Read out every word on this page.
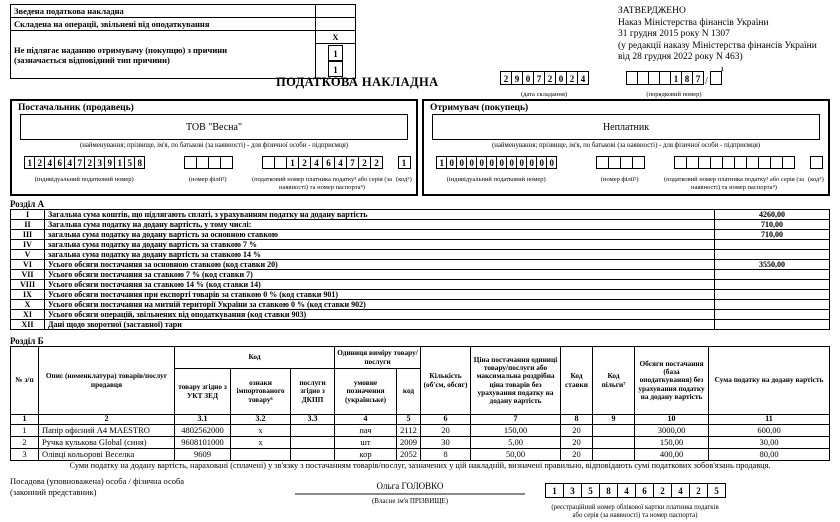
Зведена податкова накладна	
Складена на операції, звільнені від оподаткування	

Не підлягає наданню отримувачу (покупцю) з причини
(зазначається відповідний тип причини)	X
	11
ЗАТВЕРДЖЕНО
Наказ Міністерства фінансів України
31 грудня 2015 року N 1307
(у редакції наказу Міністерства фінансів України
від 28 грудня 2022 року N 463)
ПОДАТКОВА НАКЛАДНА	2 9 0 7 2 0 2 4
(дата складання)
1 8 7 /$^1$
(порядковий номер)
Постачальник (продавець)
ТОВ "Весна"
(найменування; прізвище, ім'я, по батькові (за наявності) - для фізичної особи - підприємця)
1 2 4 6 4 7 2 3 9 1 5 8
(індивідуальний податковий номер)	(номер філії²)
1 2 4 6 4 7 2 2
(податковий номер платника податку³ або серія (за наявності) та номер паспорта⁴)
1
(код⁵)
Отримувач (покупець)
Неплатник
(найменування; прізвище, ім'я, по батькові (за наявності) - для фізичної особи - підприємця)
1 0 0 0 0 0 0 0 0 0 0 0
(індивідуальний податковий номер)	(номер філії²)	(податковий номер платника податку³ або серія (за наявності) та номер паспорта⁴)
(код⁵)
Розділ А
I	Загальна сума коштів, що підлягають сплаті, з урахуванням податку на додану вартість	4260,00
II	Загальна сума податку на додану вартість, у тому числі:	710,00
III	загальна сума податку на додану вартість за основною ставкою	710,00
IV	загальна сума податку на додану вартість за ставкою 7 %	
V	загальна сума податку на додану вартість за ставкою 14 %	
VI	Усього обсяги постачання за основною ставкою (код ставки 20)	3550,00
VII	Усього обсяги постачання за ставкою 7 % (код ставки 7)	
VIII	Усього обсяги постачання за ставкою 14 % (код ставки 14)	
IX	Усього обсяги постачання при експорті товарів за ставкою 0 % (код ставки 901)	
X	Усього обсяги постачання на митній території України за ставкою 0 % (код ставки 902)	
XI	Усього обсяги операцій, звільнених від оподаткування (код ставки 903)	
XII	Дані щодо зворотної (заставної) тари	
Розділ Б
№ з/п	Опис (номенклатура) товарів/послуг продавця	Код			Одиниця виміру товару/послуги		Кількість (об'єм, обсяг)	Ціна постачання одиниці товару/послуги або максимальна роздрібна ціна товарів без урахування податку на додану вартість	Код ставки	Код пільги⁷	Обсяги постачання (база оподаткування) без урахування податку на додану вартість	Сума податку на додану вартість
		товару згідно з УКТ ЗЕД	ознаки імпортованого товару⁶	послуги згідно з ДКПП	умовне позначення (українське)	код						
1	2	3.1	3.2	3.3	4	5	6	7	8	9	10	11
1	Папір офісний А4 MAESTRO	4802562000	х		пач	2112	20	150,00	20		3000,00	600,00
2	Ручка кулькова Global (синя)	9608101000	х		шт	2009	30	5,00	20		150,00	30,00
3	Олівці кольорові Веселка	9609			кор	2052	8	50,00	20		400,00	80,00
Суми податку на додану вартість, нараховані (сплачені) у зв'язку з постачанням товарів/послуг, зазначених у цій накладній, визначені правильно, відповідають сумі податкових зобов'язань продавця.
Посадова (уповноважена) особа / фізична особа
(законний представник)
Ольга ГОЛОВКО
(Власне ім'я ПРІЗВИЩЕ)
1 3 5 8 4 6 2 4 2 5
(реєстраційний номер облікової картки платника податків
або серія (за наявності) та номер паспорта)
